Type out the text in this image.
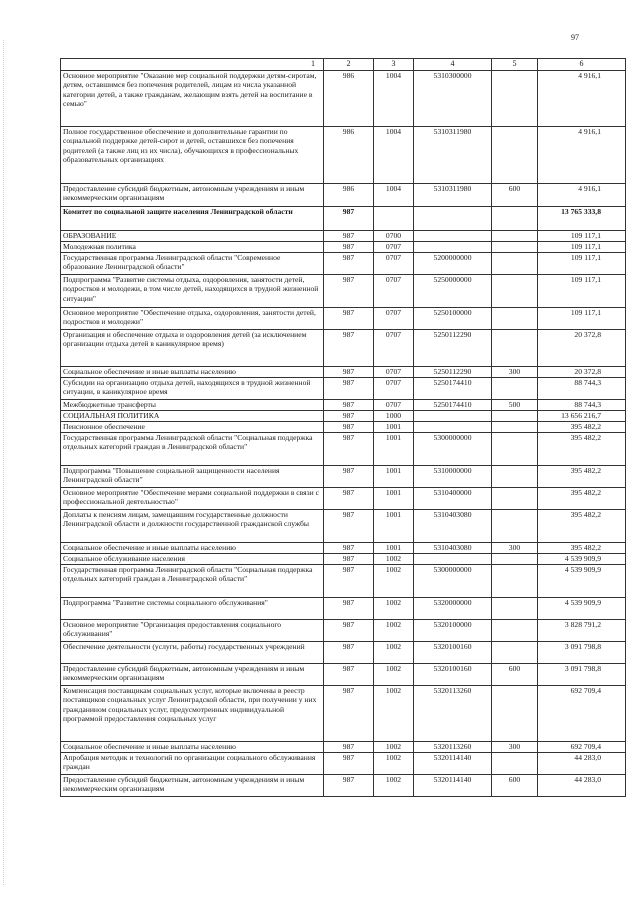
97
1	2	3	4	5	6
Основное мероприятие "Оказание мер социальной поддержки детям-сиротам, детям, оставшимся без попечения родителей, лицам из числа указанной категории детей, а также гражданам, желающим взять детей на воспитание в семью"	986	1004	5310300000		4 916,1
Полное государственное обеспечение и дополнительные гарантии по социальной поддержке детей-сирот и детей, оставшихся без попечения родителей (а также лиц из их числа), обучающихся в профессиональных образовательных организациях	986	1004	5310311980		4 916,1
Предоставление субсидий бюджетным, автономным учреждениям и иным некоммерческим организациям	986	1004	5310311980	600	4 916,1
Комитет по социальной защите населения Ленинградской области	987				13 765 333,8
ОБРАЗОВАНИЕ	987	0700			109 117,1
Молодежная политика	987	0707			109 117,1
Государственная программа Ленинградской области "Современное образование Ленинградской области"	987	0707	5200000000		109 117,1
Подпрограмма "Развитие системы отдыха, оздоровления, занятости детей, подростков и молодежи, в том числе детей, находящихся в трудной жизненной ситуации"	987	0707	5250000000		109 117,1
Основное мероприятие "Обеспечение отдыха, оздоровления, занятости детей, подростков и молодежи"	987	0707	5250100000		109 117,1
Организация и обеспечение отдыха и оздоровления детей (за исключением организации отдыха детей в каникулярное время)	987	0707	5250112290		20 372,8
Социальное обеспечение и иные выплаты населению	987	0707	5250112290	300	20 372,8
Субсидии на организацию отдыха детей, находящихся в трудной жизненной ситуации, в каникулярное время	987	0707	5250174410		88 744,3
Межбюджетные трансферты	987	0707	5250174410	500	88 744,3
СОЦИАЛЬНАЯ ПОЛИТИКА	987	1000			13 656 216,7
Пенсионное обеспечение	987	1001			395 482,2
Государственная программа Ленинградской области "Социальная поддержка отдельных категорий граждан в Ленинградской области"	987	1001	5300000000		395 482,2
Подпрограмма "Повышение социальной защищенности населения Ленинградской области"	987	1001	5310000000		395 482,2
Основное мероприятие "Обеспечение мерами социальной поддержки в связи с профессиональной деятельностью"	987	1001	5310400000		395 482,2
Доплаты к пенсиям лицам, замещавшим государственные должности Ленинградской области и должности государственной гражданской службы	987	1001	5310403080		395 482,2
Социальное обеспечение и иные выплаты населению	987	1001	5310403080	300	395 482,2
Социальное обслуживание населения	987	1002			4 539 909,9
Государственная программа Ленинградской области "Социальная поддержка отдельных категорий граждан в Ленинградской области"	987	1002	5300000000		4 539 909,9
Подпрограмма "Развитие системы социального обслуживания"	987	1002	5320000000		4 539 909,9
Основное мероприятие "Организация предоставления социального обслуживания"	987	1002	5320100000		3 828 791,2
Обеспечение деятельности (услуги, работы) государственных учреждений	987	1002	5320100160		3 091 798,8
Предоставление субсидий бюджетным, автономным учреждениям и иным некоммерческим организациям	987	1002	5320100160	600	3 091 798,8
Компенсация поставщикам социальных услуг, которые включены в реестр поставщиков социальных услуг Ленинградской области, при получении у них гражданином социальных услуг, предусмотренных индивидуальной программой предоставления социальных услуг	987	1002	5320113260		692 709,4
Социальное обеспечение и иные выплаты населению	987	1002	5320113260	300	692 709,4
Апробация методик и технологий по организации социального обслуживания граждан	987	1002	5320114140		44 283,0
Предоставление субсидий бюджетным, автономным учреждениям и иным некоммерческим организациям	987	1002	5320114140	600	44 283,0
